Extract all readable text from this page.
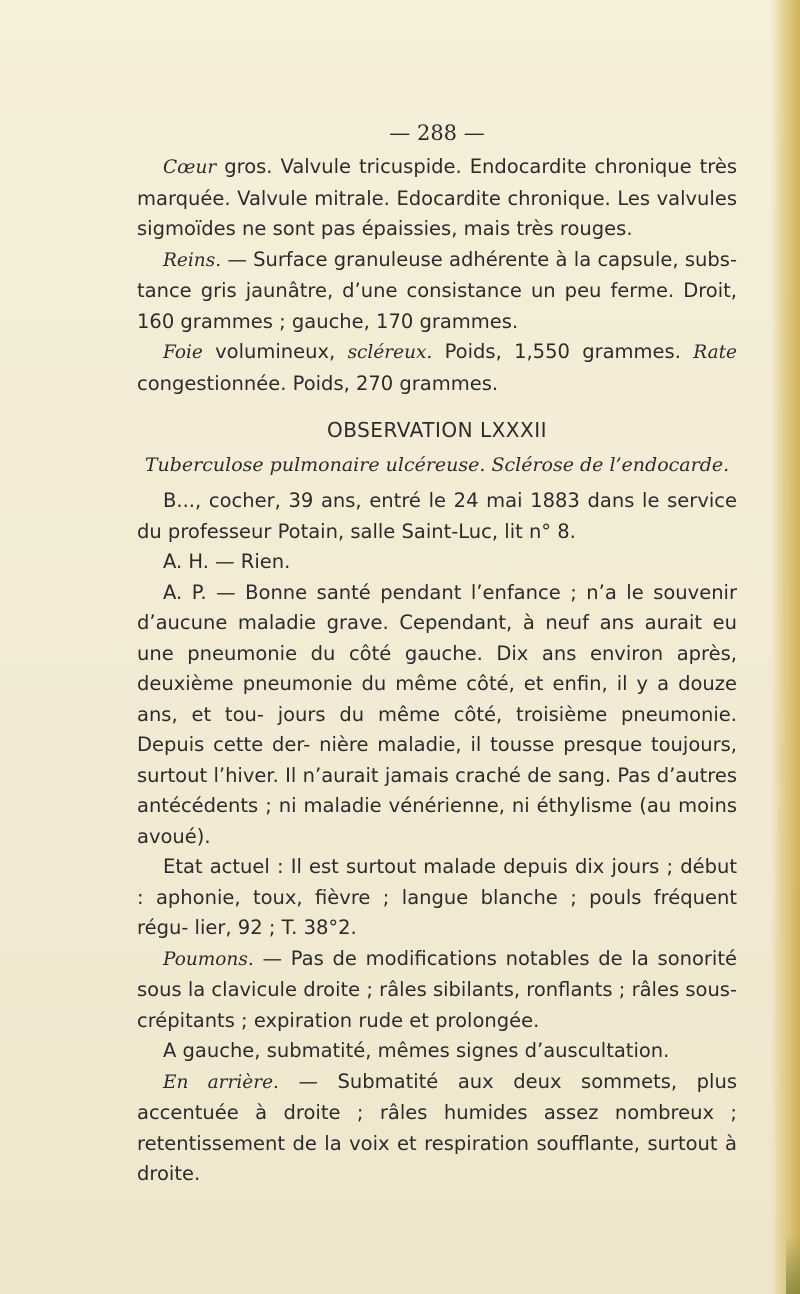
— 288 —

Cœur gros. Valvule tricuspide. Endocardite chronique très marquée. Valvule mitrale. Edocardite chronique. Les valvules sigmoïdes ne sont pas épaissies, mais très rouges.

Reins. — Surface granuleuse adhérente à la capsule, subs- tance gris jaunâtre, d’une consistance un peu ferme. Droit, 160 grammes ; gauche, 170 grammes.

Foie volumineux, scléreux. Poids, 1,550 grammes. Rate congestionnée. Poids, 270 grammes.

OBSERVATION LXXXII
Tuberculose pulmonaire ulcéreuse. Sclérose de l’endocarde.

B..., cocher, 39 ans, entré le 24 mai 1883 dans le service du professeur Potain, salle Saint-Luc, lit n° 8.

A. H. — Rien.

A. P. — Bonne santé pendant l’enfance ; n’a le souvenir d’aucune maladie grave. Cependant, à neuf ans aurait eu une pneumonie du côté gauche. Dix ans environ après, deuxième pneumonie du même côté, et enfin, il y a douze ans, et tou- jours du même côté, troisième pneumonie. Depuis cette der- nière maladie, il tousse presque toujours, surtout l’hiver. Il n’aurait jamais craché de sang. Pas d’autres antécédents ; ni maladie vénérienne, ni éthylisme (au moins avoué).

Etat actuel : Il est surtout malade depuis dix jours ; début : aphonie, toux, fièvre ; langue blanche ; pouls fréquent régu- lier, 92 ; T. 38°2.

Poumons. — Pas de modifications notables de la sonorité sous la clavicule droite ; râles sibilants, ronflants ; râles sous- crépitants ; expiration rude et prolongée.

A gauche, submatité, mêmes signes d’auscultation.

En arrière. — Submatité aux deux sommets, plus accentuée à droite ; râles humides assez nombreux ; retentissement de la voix et respiration soufflante, surtout à droite.
